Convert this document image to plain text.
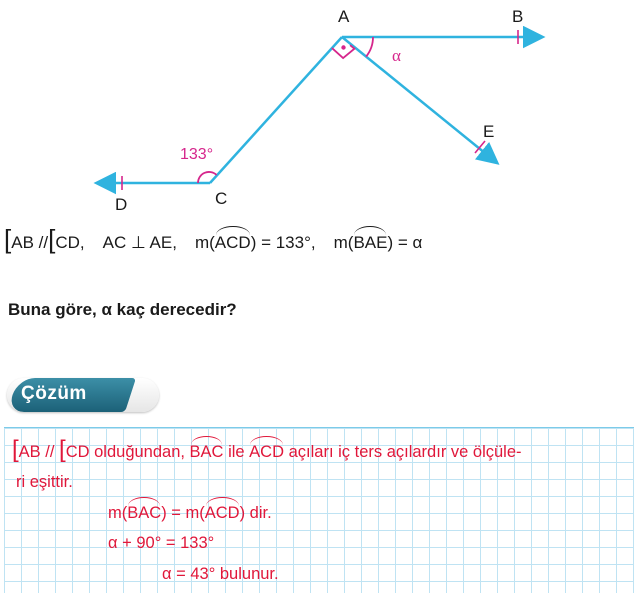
A	B
C
D
E
133°
α
[ AB // [ CD, AC ⊥ AE, m( ACD ) = 133°, m( BAE ) = α
Buna göre, α kaç derecedir?
Çözüm
[AB // [CD olduğundan,
BAC ile
ACD açıları iç ters açılardır ve ölçüle-
ri eşittir.
m(
BAC) = m(
ACD) dir.
α + 90° = 133°
α = 43° bulunur.
